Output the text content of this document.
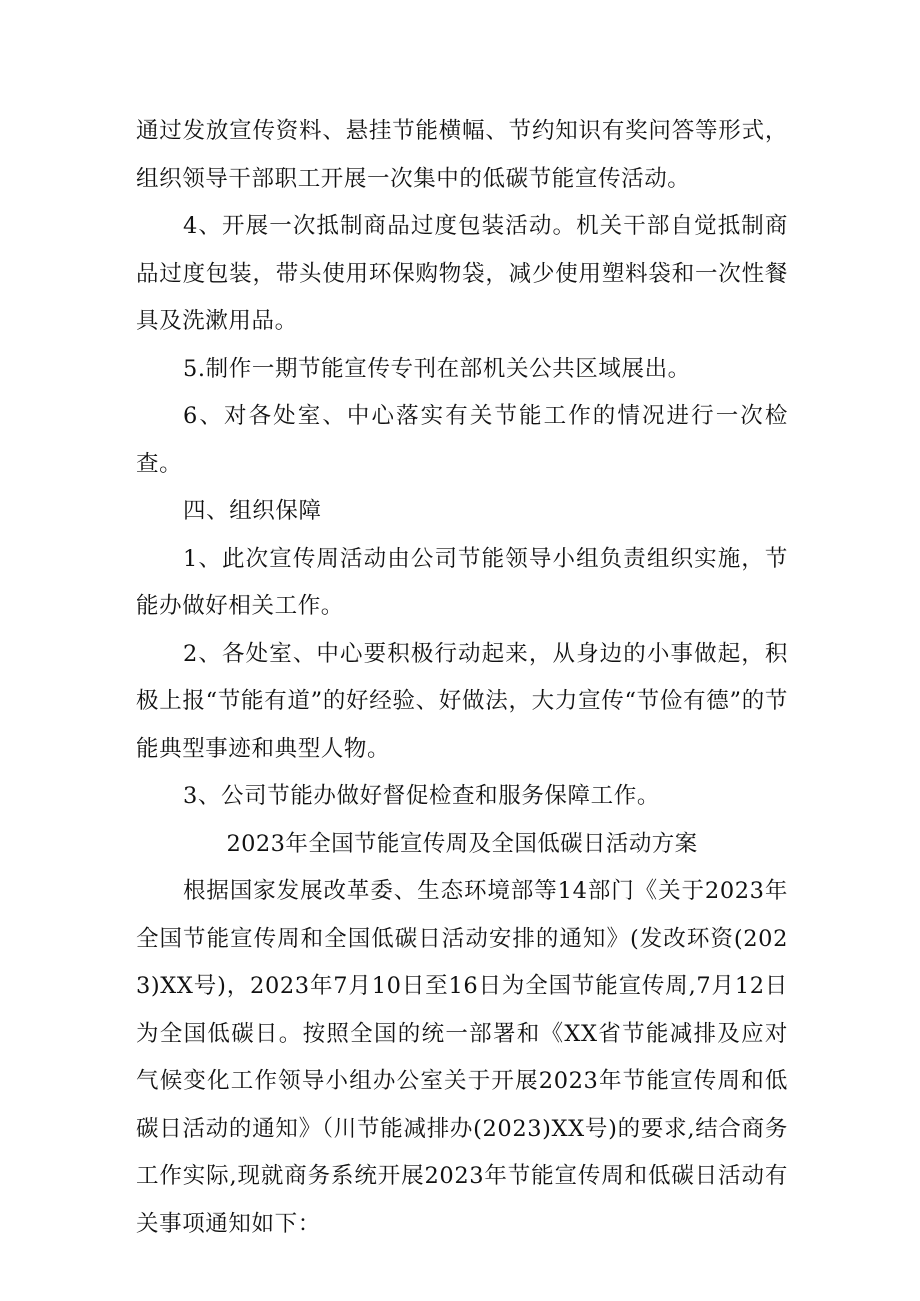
通过发放宣传资料、悬挂节能横幅、节约知识有奖问答等形式，组织领导干部职工开展一次集中的低碳节能宣传活动。

4、开展一次抵制商品过度包装活动。机关干部自觉抵制商品过度包装，带头使用环保购物袋，减少使用塑料袋和一次性餐具及洗漱用品。

5.制作一期节能宣传专刊在部机关公共区域展出。

6、对各处室、中心落实有关节能工作的情况进行一次检查。

四、组织保障

1、此次宣传周活动由公司节能领导小组负责组织实施，节能办做好相关工作。

2、各处室、中心要积极行动起来，从身边的小事做起，积极上报“节能有道”的好经验、好做法，大力宣传“节俭有德”的节能典型事迹和典型人物。

3、公司节能办做好督促检查和服务保障工作。

2023年全国节能宣传周及全国低碳日活动方案

根据国家发展改革委、生态环境部等14部门《关于2023年全国节能宣传周和全国低碳日活动安排的通知》(发改环资(2023)XX号)，2023年7月10日至16日为全国节能宣传周,7月12日为全国低碳日。按照全国的统一部署和《XX省节能减排及应对气候变化工作领导小组办公室关于开展2023年节能宣传周和低碳日活动的通知》（川节能减排办(2023)XX号)的要求,结合商务工作实际,现就商务系统开展2023年节能宣传周和低碳日活动有关事项通知如下：
